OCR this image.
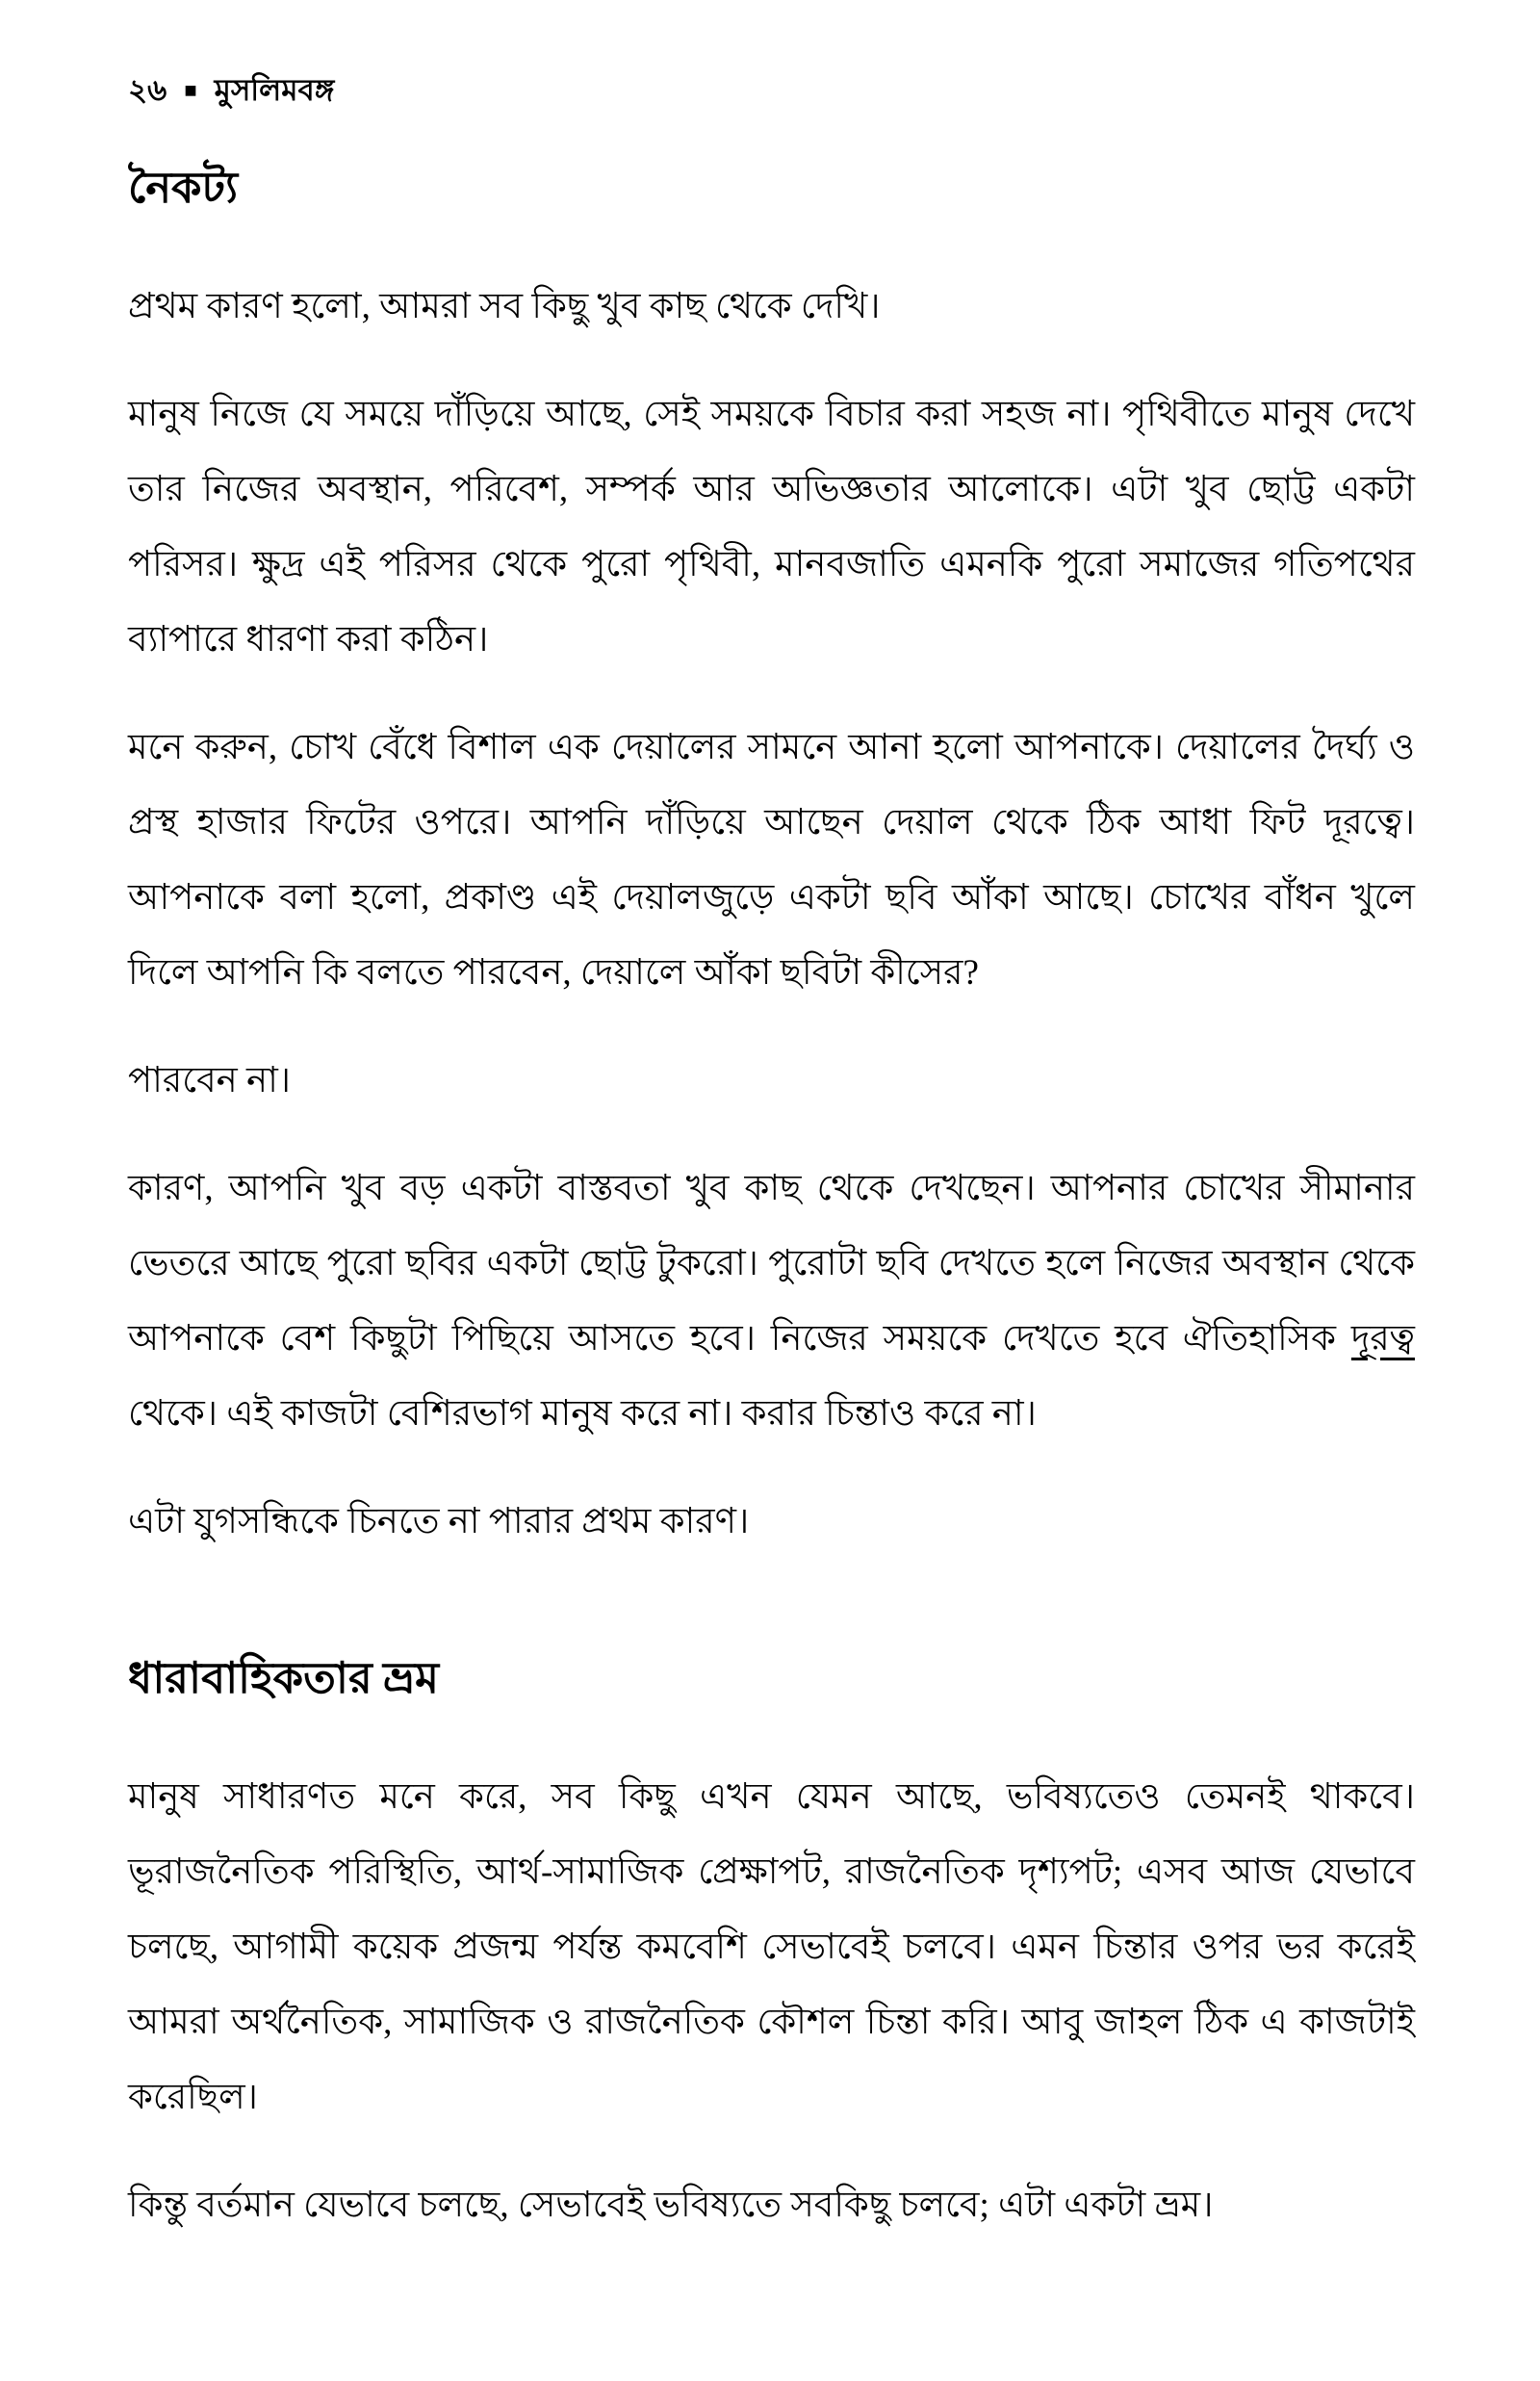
২৬ ■ মুসলিমবঙ্গ
নৈকট্য

প্রথম কারণ হলো, আমরা সব কিছু খুব কাছ থেকে দেখি।

মানুষ নিজে যে সময়ে দাঁড়িয়ে আছে, সেই সময়কে বিচার করা সহজ না। পৃথিবীতে মানুষ দেখে তার নিজের অবস্থান, পরিবেশ, সম্পর্ক আর অভিজ্ঞতার আলোকে। এটা খুব ছোট্ট একটা পরিসর। ক্ষুদ্র এই পরিসর থেকে পুরো পৃথিবী, মানবজাতি এমনকি পুরো সমাজের গতিপথের ব্যাপারে ধারণা করা কঠিন।

মনে করুন, চোখ বেঁধে বিশাল এক দেয়ালের সামনে আনা হলো আপনাকে। দেয়ালের দৈর্ঘ্য ও প্রস্থ হাজার ফিটের ওপরে। আপনি দাঁড়িয়ে আছেন দেয়াল থেকে ঠিক আধা ফিট দূরত্বে। আপনাকে বলা হলো, প্রকাণ্ড এই দেয়ালজুড়ে একটা ছবি আঁকা আছে। চোখের বাঁধন খুলে দিলে আপনি কি বলতে পারবেন, দেয়ালে আঁকা ছবিটা কীসের?

পারবেন না।

কারণ, আপনি খুব বড় একটা বাস্তবতা খুব কাছ থেকে দেখছেন। আপনার চোখের সীমানার ভেতরে আছে পুরো ছবির একটা ছোট্ট টুকরো। পুরোটা ছবি দেখতে হলে নিজের অবস্থান থেকে আপনাকে বেশ কিছুটা পিছিয়ে আসতে হবে। নিজের সময়কে দেখতে হবে ঐতিহাসিক দূরত্ব থেকে। এই কাজটা বেশিরভাগ মানুষ করে না। করার চিন্তাও করে না।

এটা যুগসন্ধিকে চিনতে না পারার প্রথম কারণ।

ধারাবাহিকতার ভ্রম

মানুষ সাধারণত মনে করে, সব কিছু এখন যেমন আছে, ভবিষ্যতেও তেমনই থাকবে। ভূরাজনৈতিক পরিস্থিতি, আর্থ-সামাজিক প্রেক্ষাপট, রাজনৈতিক দৃশ্যপট; এসব আজ যেভাবে চলছে, আগামী কয়েক প্রজন্ম পর্যন্ত কমবেশি সেভাবেই চলবে। এমন চিন্তার ওপর ভর করেই আমরা অর্থনৈতিক, সামাজিক ও রাজনৈতিক কৌশল চিন্তা করি। আবু জাহল ঠিক এ কাজটাই করেছিল।

কিন্তু বর্তমান যেভাবে চলছে, সেভাবেই ভবিষ্যতে সবকিছু চলবে; এটা একটা ভ্রম।
